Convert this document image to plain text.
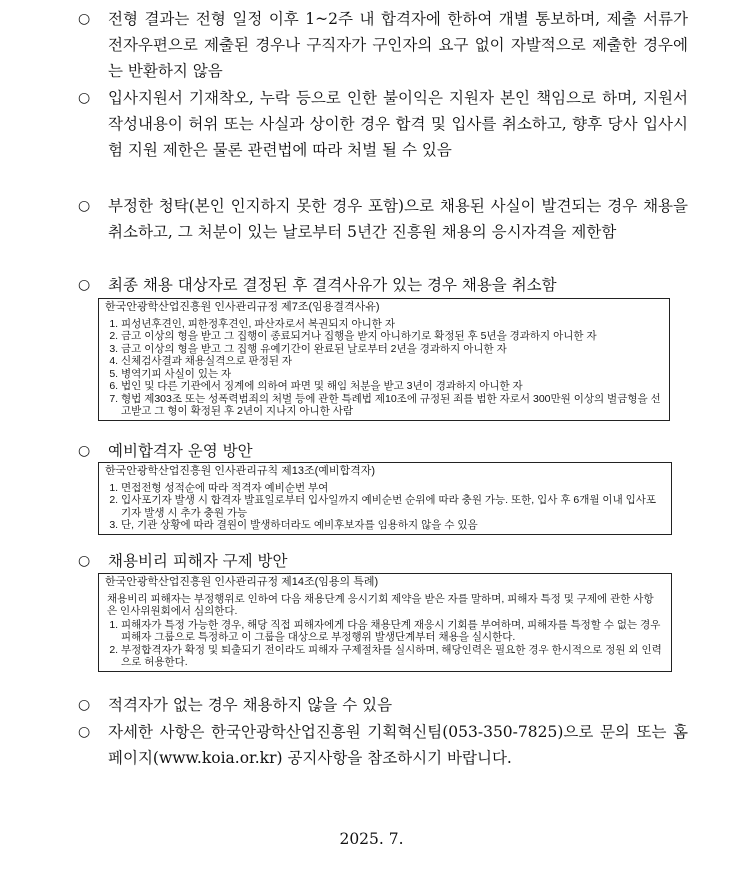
○	전형 결과는 전형 일정 이후 1~2주 내 합격자에 한하여 개별 통보하며, 제출 서류가 전자우편으로 제출된 경우나 구직자가 구인자의 요구 없이 자발적으로 제출한 경우에는 반환하지 않음
○	입사지원서 기재착오, 누락 등으로 인한 불이익은 지원자 본인 책임으로 하며, 지원서 작성내용이 허위 또는 사실과 상이한 경우 합격 및 입사를 취소하고, 향후 당사 입사시험 지원 제한은 물론 관련법에 따라 처벌 될 수 있음
○	부정한 청탁(본인 인지하지 못한 경우 포함)으로 채용된 사실이 발견되는 경우 채용을 취소하고, 그 처분이 있는 날로부터 5년간 진흥원 채용의 응시자격을 제한함
○	최종 채용 대상자로 결정된 후 결격사유가 있는 경우 채용을 취소함
한국안광학산업진흥원 인사관리규정 제7조(임용결격사유)
1. 피성년후견인, 피한정후견인, 파산자로서 복권되지 아니한 자
2. 금고 이상의 형을 받고 그 집행이 종료되거나 집행을 받지 아니하기로 확정된 후 5년을 경과하지 아니한 자
3. 금고 이상의 형을 받고 그 집행 유예기간이 완료된 날로부터 2년을 경과하지 아니한 자
4. 신체검사결과 채용실격으로 판정된 자
5. 병역기피 사실이 있는 자
6. 법인 및 다른 기관에서 징계에 의하여 파면 및 해임 처분을 받고 3년이 경과하지 아니한 자
7. 형법 제303조 또는 성폭력범죄의 처벌 등에 관한 특례법 제10조에 규정된 죄를 범한 자로서 300만원 이상의 벌금형을 선고받고 그 형이 확정된 후 2년이 지나지 아니한 사람
○	예비합격자 운영 방안
한국안광학산업진흥원 인사관리규칙 제13조(예비합격자)
1. 면접전형 성적순에 따라 적격자 예비순번 부여
2. 입사포기자 발생 시 합격자 발표일로부터 입사일까지 예비순번 순위에 따라 충원 가능. 또한, 입사 후 6개월 이내 입사포기자 발생 시 추가 충원 가능
3. 단, 기관 상황에 따라 결원이 발생하더라도 예비후보자를 임용하지 않을 수 있음
○	채용비리 피해자 구제 방안
한국안광학산업진흥원 인사관리규정 제14조(임용의 특례)
채용비리 피해자는 부정행위로 인하여 다음 채용단계 응시기회 제약을 받은 자를 말하며, 피해자 특정 및 구제에 관한 사항은 인사위원회에서 심의한다.
1. 피해자가 특정 가능한 경우, 해당 직접 피해자에게 다음 채용단계 재응시 기회를 부여하며, 피해자를 특정할 수 없는 경우 피해자 그룹으로 특정하고 이 그룹을 대상으로 부정행위 발생단계부터 채용을 실시한다.
2. 부정합격자가 확정 및 퇴출되기 전이라도 피해자 구제절차를 실시하며, 해당인력은 필요한 경우 한시적으로 정원 외 인력으로 허용한다.
○	적격자가 없는 경우 채용하지 않을 수 있음
○	자세한 사항은 한국안광학산업진흥원 기획혁신팀(053-350-7825)으로 문의 또는 홈페이지(www.koia.or.kr) 공지사항을 참조하시기 바랍니다.
2025. 7.
